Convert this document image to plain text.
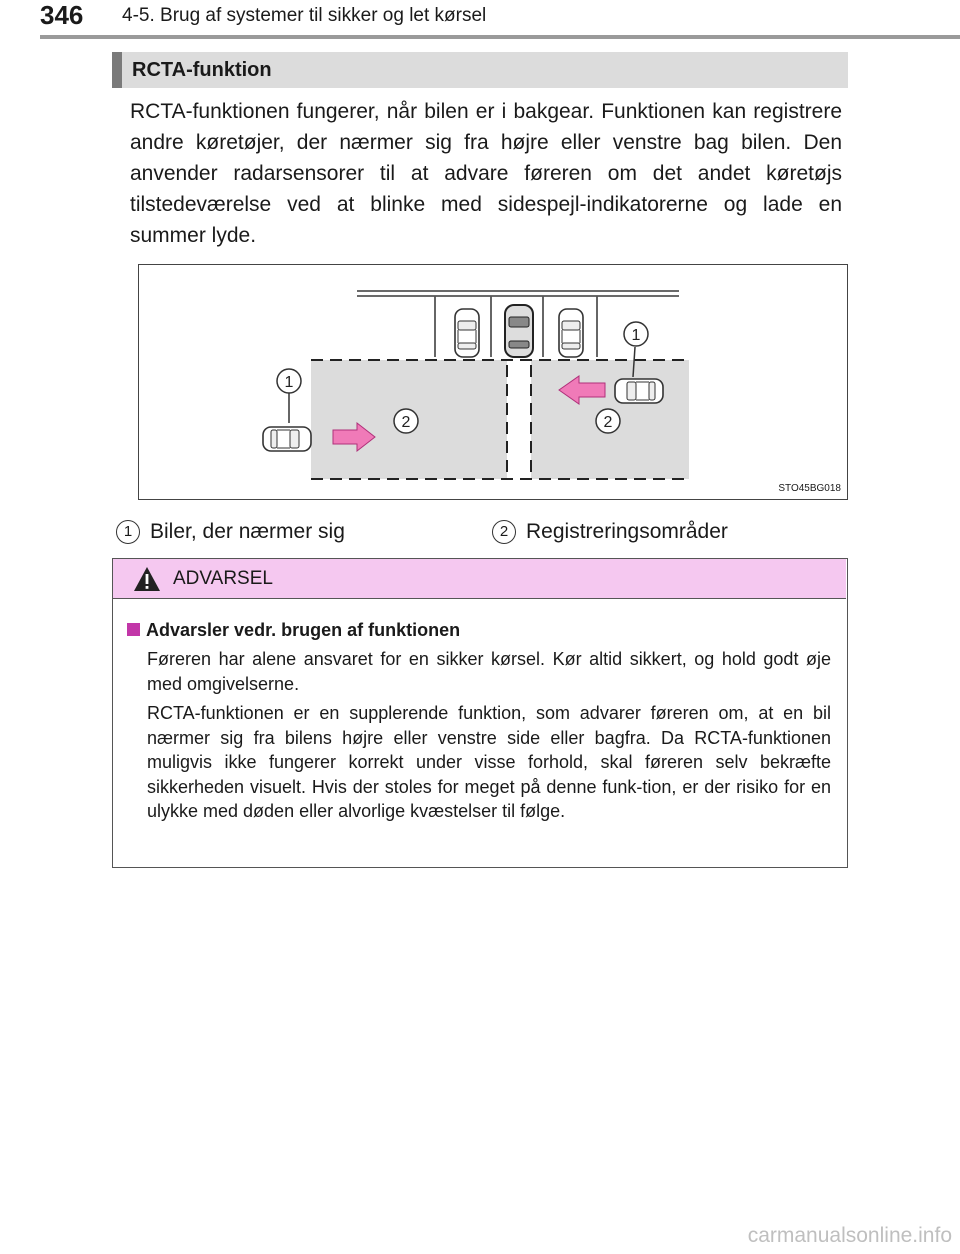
346 4-5. Brug af systemer til sikker og let kørsel
RCTA-funktion

RCTA-funktionen fungerer, når bilen er i bakgear. Funktionen kan registrere andre køretøjer, der nærmer sig fra højre eller venstre bag bilen. Den anvender radarsensorer til at advare føreren om det andet køretøjs tilstedeværelse ved at blinke med sidespejl-indikatorerne og lade en summer lyde.

1
1
2	2
STO45BG018
1 Biler, der nærmer sig	2 Registreringsområder
ADVARSEL
Advarsler vedr. brugen af funktionen

Føreren har alene ansvaret for en sikker kørsel. Kør altid sikkert, og hold godt øje med omgivelserne.

RCTA-funktionen er en supplerende funktion, som advarer føreren om, at en bil nærmer sig fra bilens højre eller venstre side eller bagfra. Da RCTA-funktionen muligvis ikke fungerer korrekt under visse forhold, skal føreren selv bekræfte sikkerheden visuelt. Hvis der stoles for meget på denne funk-tion, er der risiko for en ulykke med døden eller alvorlige kvæstelser til følge.

carmanualsonline.info
